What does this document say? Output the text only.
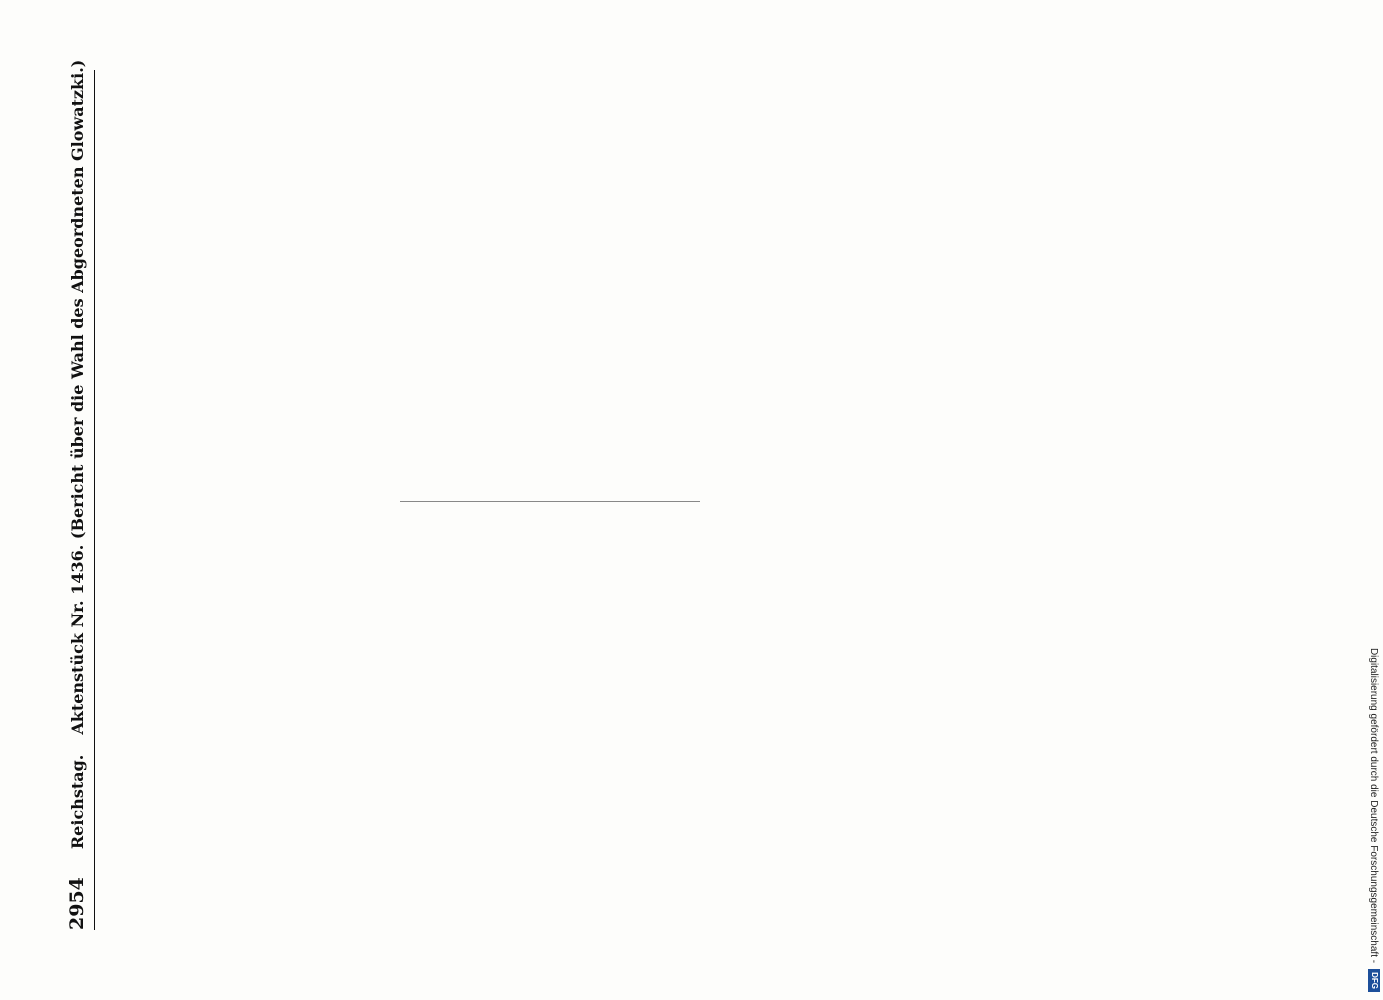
Digitalisierung gefördert durch die Deutsche Forschungsgemeinschaft -
DFG
2954
Reichstag.
Aktenstück Nr. 1436. (Bericht über die Wahl des Abgeordneten Glowatzki.)
